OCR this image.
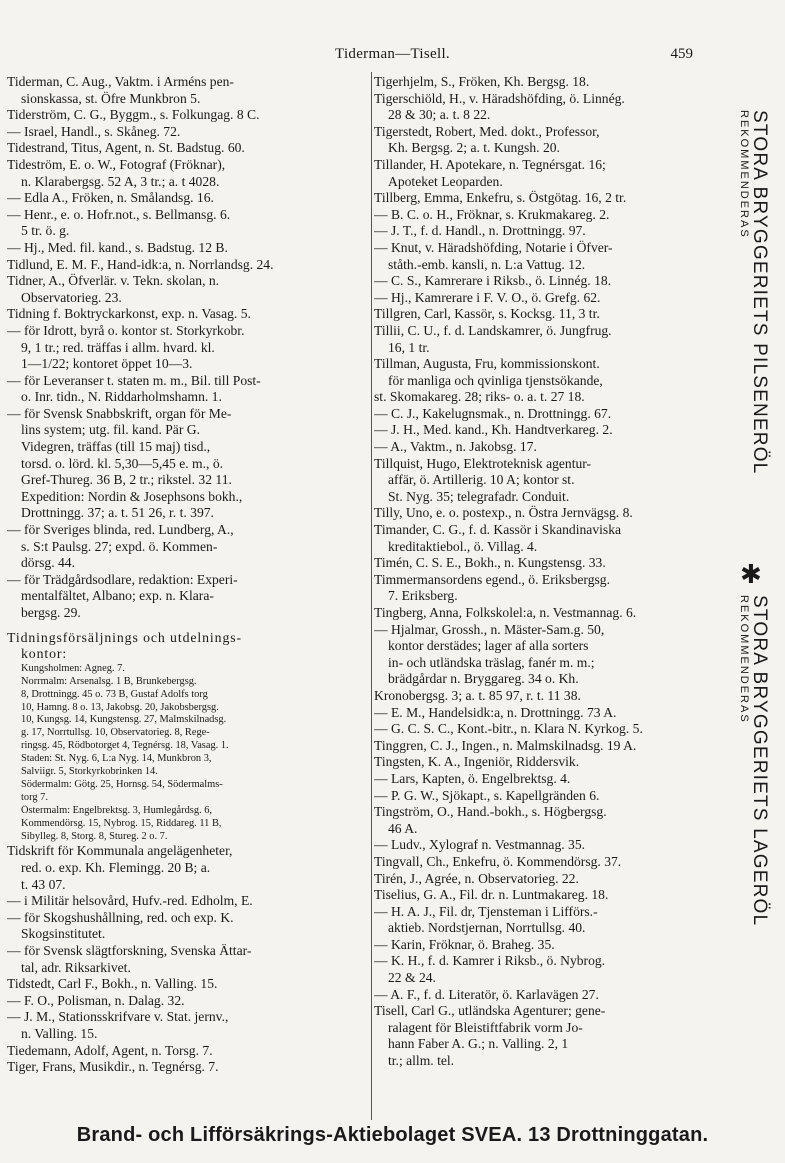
Tiderman—Tisell.	459
Tiderman, C. Aug., Vaktm. i Arméns pen-
sionskassa, st. Öfre Munkbron 5.
Tiderström, C. G., Byggm., s. Folkungag. 8 C.
— Israel, Handl., s. Skåneg. 72.
Tidestrand, Titus, Agent, n. St. Badstug. 60.
Tideström, E. o. W., Fotograf (Fröknar),
n. Klarabergsg. 52 A, 3 tr.; a. t 4028.
— Edla A., Fröken, n. Smålandsg. 16.
— Henr., e. o. Hofr.not., s. Bellmansg. 6.
5 tr. ö. g.
— Hj., Med. fil. kand., s. Badstug. 12 B.
Tidlund, E. M. F., Hand-idk:a, n. Norrlandsg. 24.
Tidner, A., Öfverlär. v. Tekn. skolan, n.
Observatorieg. 23.
Tidning f. Boktryckarkonst, exp. n. Vasag. 5.
— för Idrott, byrå o. kontor st. Storkyrkobr.
9, 1 tr.; red. träffas i allm. hvard. kl.
1—1/22; kontoret öppet 10—3.
— för Leveranser t. staten m. m., Bil. till Post-
o. Inr. tidn., N. Riddarholmshamn. 1.
— för Svensk Snabbskrift, organ för Me-
lins system; utg. fil. kand. Pär G.
Videgren, träffas (till 15 maj) tisd.,
torsd. o. lörd. kl. 5,30—5,45 e. m., ö.
Gref-Thureg. 36 B, 2 tr.; rikstel. 32 11.
Expedition: Nordin & Josephsons bokh.,
Drottningg. 37; a. t. 51 26, r. t. 397.
— för Sveriges blinda, red. Lundberg, A.,
s. S:t Paulsg. 27; expd. ö. Kommen-
dörsg. 44.
— för Trädgårdsodlare, redaktion: Experi-
mentalfältet, Albano; exp. n. Klara-
bergsg. 29.
Tidningsförsäljnings och utdelnings-
kontor:
Kungsholmen: Agneg. 7.
Norrmalm: Arsenalsg. 1 B, Brunkebergsg.
8, Drottningg. 45 o. 73 B, Gustaf Adolfs torg
10, Hamng. 8 o. 13, Jakobsg. 20, Jakobsbergsg.
10, Kungsg. 14, Kungstensg. 27, Malmskilnadsg.
g. 17, Norrtullsg. 10, Observatorieg. 8, Rege-
ringsg. 45, Rödbotorget 4, Tegnérsg. 18, Vasag. 1.
Staden: St. Nyg. 6, L:a Nyg. 14, Munkbron 3,
Salviigr. 5, Storkyrkobrinken 14.
Södermalm: Götg. 25, Hornsg. 54, Södermalms-
torg 7.
Östermalm: Engelbrektsg. 3, Humlegårdsg. 6,
Kommendörsg. 15, Nybrog. 15, Riddareg. 11 B,
Sibylleg. 8, Storg. 8, Stureg. 2 o. 7.
Tidskrift för Kommunala angelägenheter,
red. o. exp. Kh. Flemingg. 20 B; a.
t. 43 07.
— i Militär helsovård, Hufv.-red. Edholm, E.
— för Skogshushållning, red. och exp. K.
Skogsinstitutet.
— för Svensk slägtforskning, Svenska Ättar-
tal, adr. Riksarkivet.
Tidstedt, Carl F., Bokh., n. Valling. 15.
— F. O., Polisman, n. Dalag. 32.
— J. M., Stationsskrifvare v. Stat. jernv.,
n. Valling. 15.
Tiedemann, Adolf, Agent, n. Torsg. 7.
Tiger, Frans, Musikdir., n. Tegnérsg. 7.
Tigerhjelm, S., Fröken, Kh. Bergsg. 18.
Tigerschiöld, H., v. Häradshöfding, ö. Linnég.
28 & 30; a. t. 8 22.
Tigerstedt, Robert, Med. dokt., Professor,
Kh. Bergsg. 2; a. t. Kungsh. 20.
Tillander, H. Apotekare, n. Tegnérsgat. 16;
Apoteket Leoparden.
Tillberg, Emma, Enkefru, s. Östgötag. 16, 2 tr.
— B. C. o. H., Fröknar, s. Krukmakareg. 2.
— J. T., f. d. Handl., n. Drottningg. 97.
— Knut, v. Häradshöfding, Notarie i Öfver-
ståth.-emb. kansli, n. L:a Vattug. 12.
— C. S., Kamrerare i Riksb., ö. Linnég. 18.
— Hj., Kamrerare i F. V. O., ö. Grefg. 62.
Tillgren, Carl, Kassör, s. Kocksg. 11, 3 tr.
Tillii, C. U., f. d. Landskamrer, ö. Jungfrug.
16, 1 tr.
Tillman, Augusta, Fru, kommissionskont.
för manliga och qvinliga tjenstsökande,
st. Skomakareg. 28; riks- o. a. t. 27 18.
— C. J., Kakelugnsmak., n. Drottningg. 67.
— J. H., Med. kand., Kh. Handtverkareg. 2.
— A., Vaktm., n. Jakobsg. 17.
Tillquist, Hugo, Elektroteknisk agentur-
affär, ö. Artillerig. 10 A; kontor st.
St. Nyg. 35; telegrafadr. Conduit.
Tilly, Uno, e. o. postexp., n. Östra Jernvägsg. 8.
Timander, C. G., f. d. Kassör i Skandinaviska
kreditaktiebol., ö. Villag. 4.
Timén, C. S. E., Bokh., n. Kungstensg. 33.
Timmermansordens egend., ö. Eriksbergsg.
7. Eriksberg.
Tingberg, Anna, Folkskolel:a, n. Vestmannag. 6.
— Hjalmar, Grossh., n. Mäster-Sam.g. 50,
kontor derstädes; lager af alla sorters
in- och utländska träslag, fanér m. m.;
brädgårdar n. Bryggareg. 34 o. Kh.
Kronobergsg. 3; a. t. 85 97, r. t. 11 38.
— E. M., Handelsidk:a, n. Drottningg. 73 A.
— G. C. S. C., Kont.-bitr., n. Klara N. Kyrkog. 5.
Tinggren, C. J., Ingen., n. Malmskilnadsg. 19 A.
Tingsten, K. A., Ingeniör, Riddersvik.
— Lars, Kapten, ö. Engelbrektsg. 4.
— P. G. W., Sjökapt., s. Kapellgränden 6.
Tingström, O., Hand.-bokh., s. Högbergsg.
46 A.
— Ludv., Xylograf n. Vestmannag. 35.
Tingvall, Ch., Enkefru, ö. Kommendörsg. 37.
Tirén, J., Agrée, n. Observatorieg. 22.
Tiselius, G. A., Fil. dr. n. Luntmakareg. 18.
— H. A. J., Fil. dr, Tjensteman i Lifförs.-
aktieb. Nordstjernan, Norrtullsg. 40.
— Karin, Fröknar, ö. Braheg. 35.
— K. H., f. d. Kamrer i Riksb., ö. Nybrog.
22 & 24.
— A. F., f. d. Literatör, ö. Karlavägen 27.
Tisell, Carl G., utländska Agenturer; gene-
ralagent för Bleistiftfabrik vorm Jo-
hann Faber A. G.; n. Valling. 2, 1
tr.; allm. tel.
STORA BRYGGERIETS PILSENERÖL
REKOMMENDERAS
✱
STORA BRYGGERIETS LAGERÖL
REKOMMENDERAS
Brand- och Lifförsäkrings-Aktiebolaget SVEA. 13 Drottninggatan.
